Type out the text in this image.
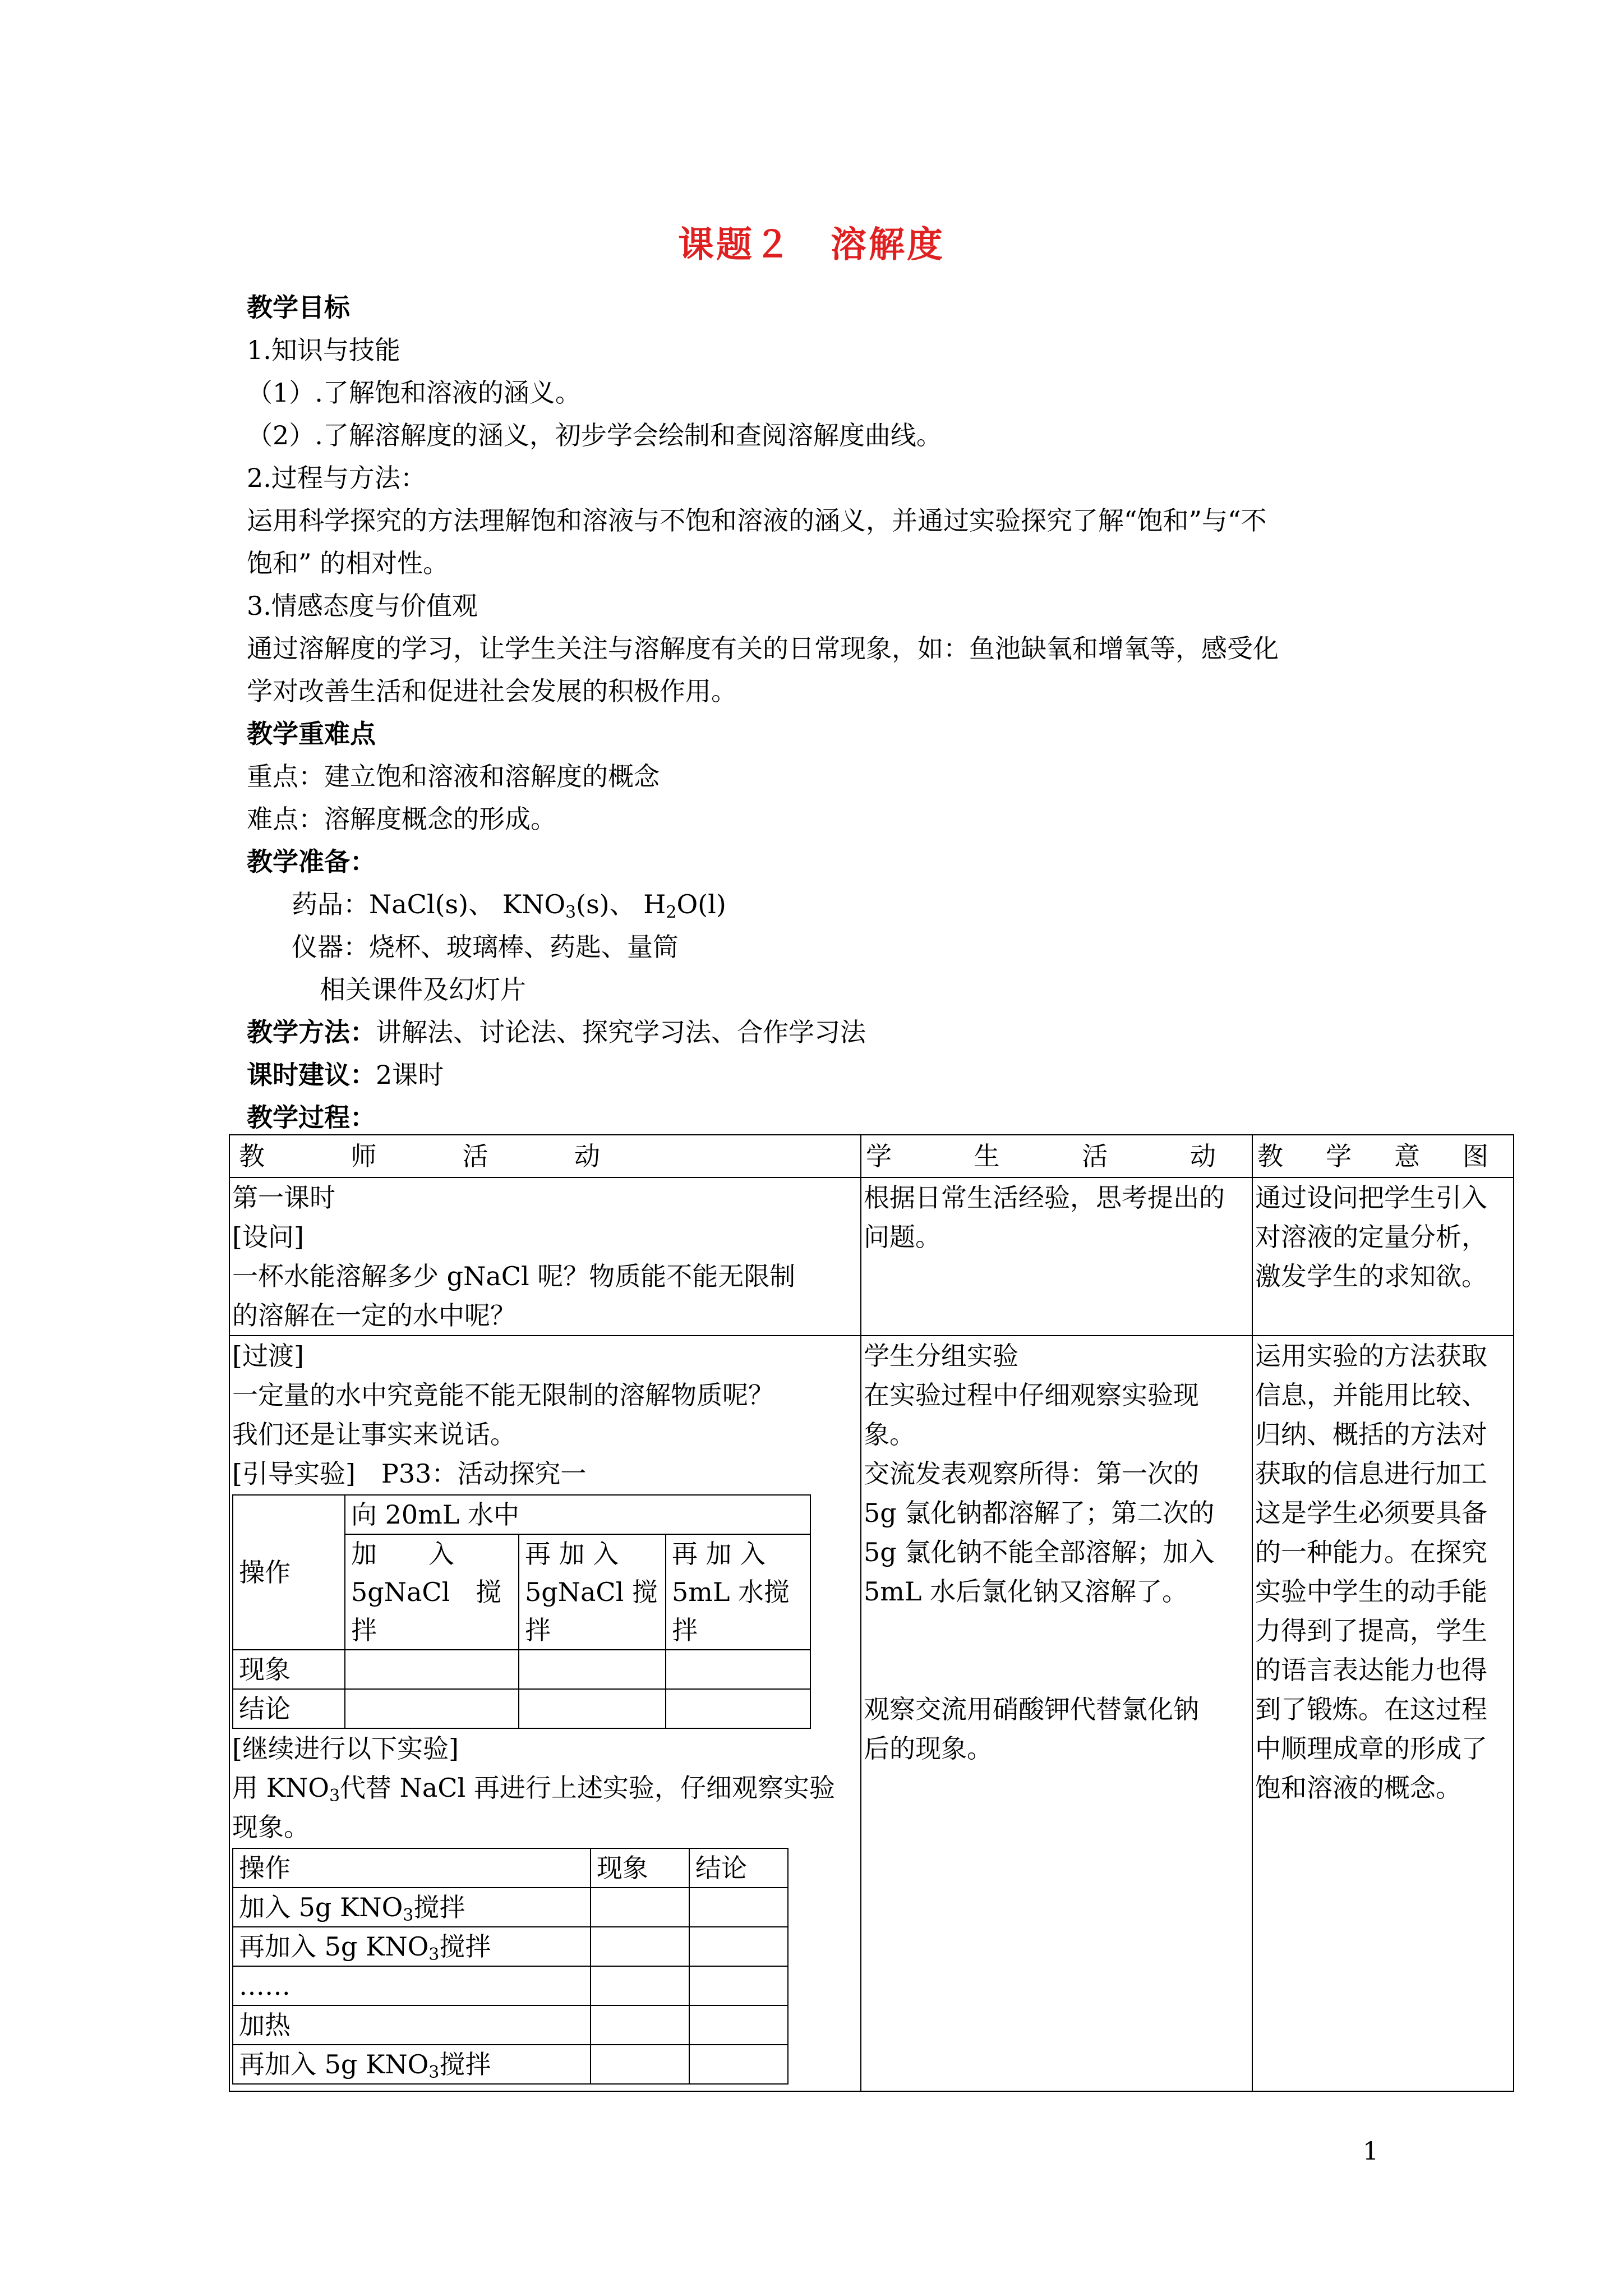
课题２　溶解度
教学目标
1.知识与技能
（1）.了解饱和溶液的涵义。
（2）.了解溶解度的涵义，初步学会绘制和查阅溶解度曲线。
2.过程与方法：
运用科学探究的方法理解饱和溶液与不饱和溶液的涵义，并通过实验探究了解“饱和”与“不
饱和” 的相对性。
3.情感态度与价值观
通过溶解度的学习，让学生关注与溶解度有关的日常现象，如：鱼池缺氧和增氧等，感受化
学对改善生活和促进社会发展的积极作用。
教学重难点
重点：建立饱和溶液和溶解度的概念
难点：溶解度概念的形成。
教学准备：
药品：NaCl(s)、 $KNO_3(s)$、 $H_2O(l)$
仪器：烧杯、玻璃棒、药匙、量筒
相关课件及幻灯片
教学方法：讲解法、讨论法、探究学习法、合作学习法
课时建议：2课时
教学过程：
教	师	活	动	学	生	活	动	教 学 意 图

第一课时
[设问]
一杯水能溶解多少 gNaCl 呢？物质能不能无限制
的溶解在一定的水中呢？

根据日常生活经验，思考提出的
问题。

通过设问把学生引入
对溶液的定量分析，
激发学生的求知欲。

[过渡]
一定量的水中究竟能不能无限制的溶解物质呢？
我们还是让事实来说话。
[引导实验]　P33：活动探究一
操作	向 20mL 水中
加　　入 5gNaCl　搅拌	再 加 入 5gNaCl 搅拌	再 加 入 5mL 水搅拌
现象			
结论			
[继续进行以下实验]
用 $KNO_3$代替 NaCl 再进行上述实验，仔细观察实验
现象。
操作	现象	结论
加入 5g $KNO_3$搅拌		
再加入 5g $KNO_3$搅拌		
……		
加热		
再加入 5g $KNO_3$搅拌		

学生分组实验
在实验过程中仔细观察实验现
象。
交流发表观察所得：第一次的
5g 氯化钠都溶解了；第二次的
5g 氯化钠不能全部溶解；加入
5mL 水后氯化钠又溶解了。
观察交流用硝酸钾代替氯化钠
后的现象。

运用实验的方法获取
信息，并能用比较、
归纳、概括的方法对
获取的信息进行加工
这是学生必须要具备
的一种能力。在探究
实验中学生的动手能
力得到了提高，学生
的语言表达能力也得
到了锻炼。在这过程
中顺理成章的形成了
饱和溶液的概念。
1
